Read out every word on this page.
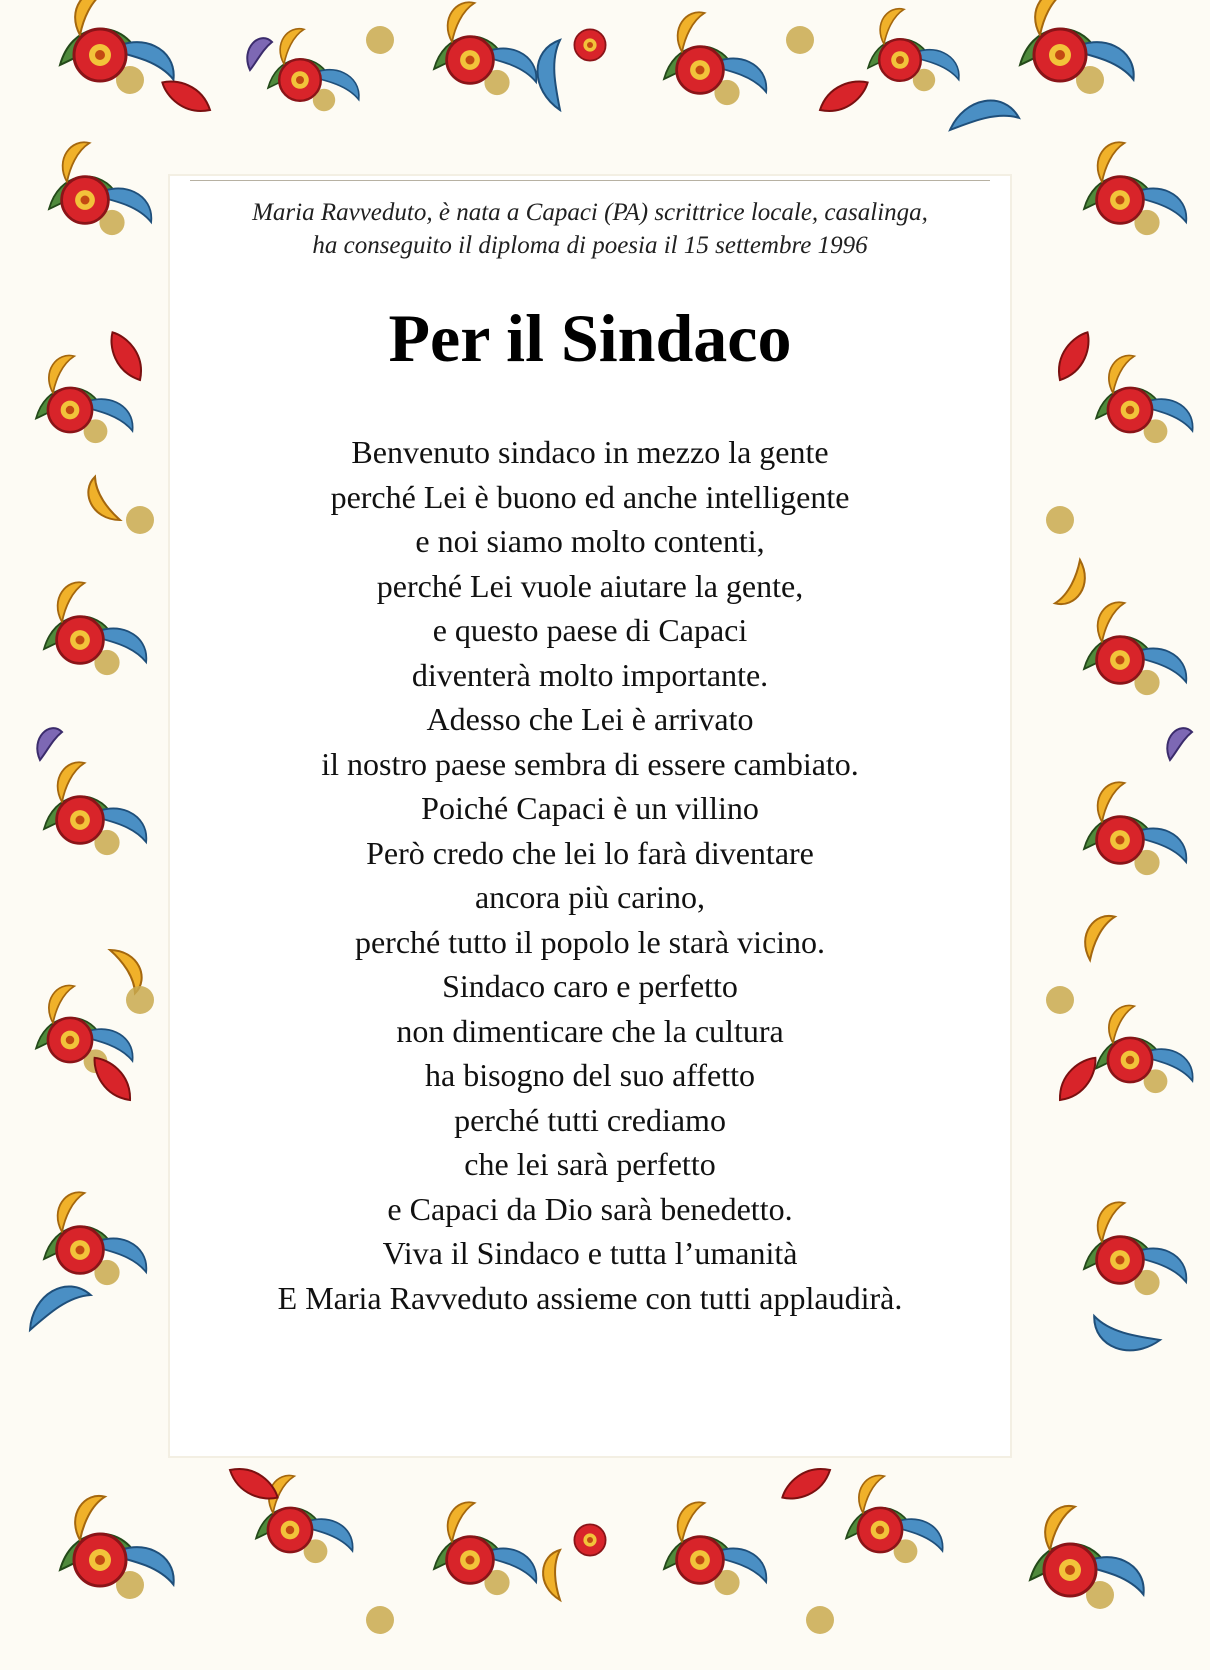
Maria Ravveduto, è nata a Capaci (PA) scrittrice locale, casalinga,
ha conseguito il diploma di poesia il 15 settembre 1996
Per il Sindaco
Benvenuto sindaco in mezzo la gente
perché Lei è buono ed anche intelligente
e noi siamo molto contenti,
perché Lei vuole aiutare la gente,
e questo paese di Capaci
diventerà molto importante.
Adesso che Lei è arrivato
il nostro paese sembra di essere cambiato.
Poiché Capaci è un villino
Però credo che lei lo farà diventare
ancora più carino,
perché tutto il popolo le starà vicino.
Sindaco caro e perfetto
non dimenticare che la cultura
ha bisogno del suo affetto
perché tutti crediamo
che lei sarà perfetto
e Capaci da Dio sarà benedetto.
Viva il Sindaco e tutta l’umanità
E Maria Ravveduto assieme con tutti applaudirà.
